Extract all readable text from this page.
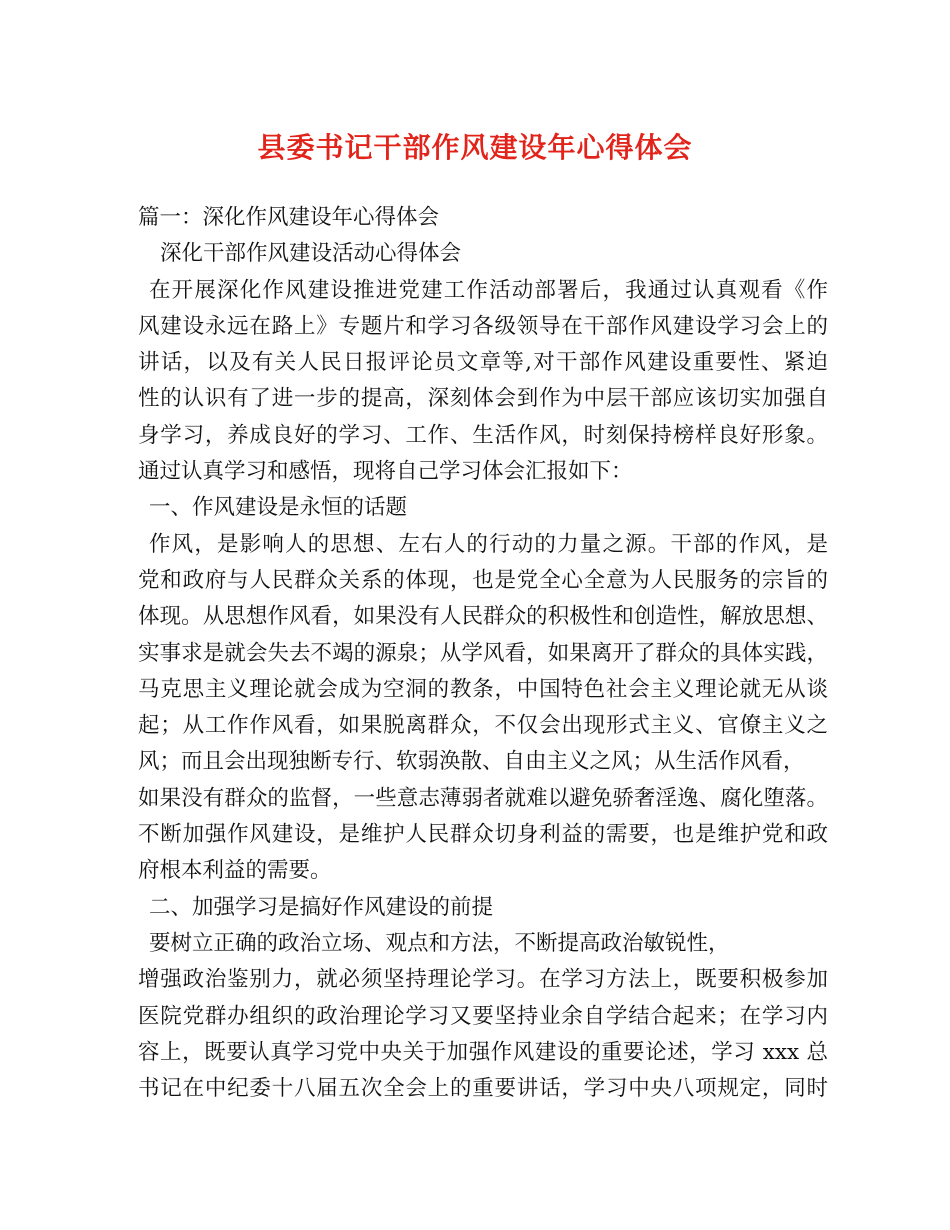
县委书记干部作风建设年心得体会
篇一：深化作风建设年心得体会
深化干部作风建设活动心得体会
在开展深化作风建设推进党建工作活动部署后，我通过认真观看《作
风建设永远在路上》专题片和学习各级领导在干部作风建设学习会上的
讲话，以及有关人民日报评论员文章等,对干部作风建设重要性、紧迫
性的认识有了进一步的提高，深刻体会到作为中层干部应该切实加强自
身学习，养成良好的学习、工作、生活作风，时刻保持榜样良好形象。
通过认真学习和感悟，现将自己学习体会汇报如下：
一、作风建设是永恒的话题
作风，是影响人的思想、左右人的行动的力量之源。干部的作风，是
党和政府与人民群众关系的体现，也是党全心全意为人民服务的宗旨的
体现。从思想作风看，如果没有人民群众的积极性和创造性，解放思想、
实事求是就会失去不竭的源泉；从学风看，如果离开了群众的具体实践，
马克思主义理论就会成为空洞的教条，中国特色社会主义理论就无从谈
起；从工作作风看，如果脱离群众，不仅会出现形式主义、官僚主义之
风；而且会出现独断专行、软弱涣散、自由主义之风；从生活作风看，
如果没有群众的监督，一些意志薄弱者就难以避免骄奢淫逸、腐化堕落。
不断加强作风建设，是维护人民群众切身利益的需要，也是维护党和政
府根本利益的需要。
二、加强学习是搞好作风建设的前提
要树立正确的政治立场、观点和方法，不断提高政治敏锐性，
增强政治鉴别力，就必须坚持理论学习。在学习方法上，既要积极参加
医院党群办组织的政治理论学习又要坚持业余自学结合起来；在学习内
容上，既要认真学习党中央关于加强作风建设的重要论述，学习 xxx 总
书记在中纪委十八届五次全会上的重要讲话，学习中央八项规定，同时
